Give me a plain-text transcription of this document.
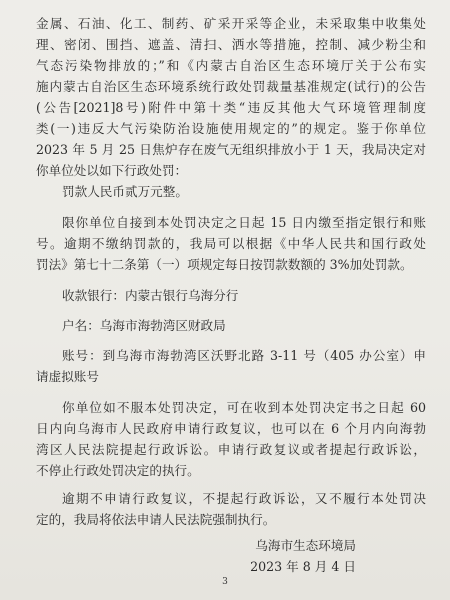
金属、石油、化工、制药、矿采开采等企业，未采取集中收集处
理、密闭、围挡、遮盖、清扫、洒水等措施，控制、减少粉尘和
气态污染物排放的；”和《内蒙古自治区生态环境厅关于公布实
施内蒙古自治区生态环境系统行政处罚裁量基准规定(试行)的公告
(公告[2021]8号)附件中第十类“违反其他大气环境管理制度
类(一)违反大气污染防治设施使用规定的”的规定。鉴于你单位
2023 年 5 月 25 日焦炉存在废气无组织排放小于 1 天，我局决定对
你单位处以如下行政处罚：
罚款人民币贰万元整。
限你单位自接到本处罚决定之日起 15 日内缴至指定银行和账
号。逾期不缴纳罚款的，我局可以根据《中华人民共和国行政处
罚法》第七十二条第（一）项规定每日按罚款数额的 3%加处罚款。
收款银行：内蒙古银行乌海分行
户名：乌海市海勃湾区财政局
账号：到乌海市海勃湾区沃野北路 3-11 号（405 办公室）申
请虚拟账号
你单位如不服本处罚决定，可在收到本处罚决定书之日起 60
日内向乌海市人民政府申请行政复议，也可以在 6 个月内向海勃
湾区人民法院提起行政诉讼。申请行政复议或者提起行政诉讼，
不停止行政处罚决定的执行。
逾期不申请行政复议，不提起行政诉讼，又不履行本处罚决
定的，我局将依法申请人民法院强制执行。
乌海市生态环境局
2023 年 8 月 4 日
3
